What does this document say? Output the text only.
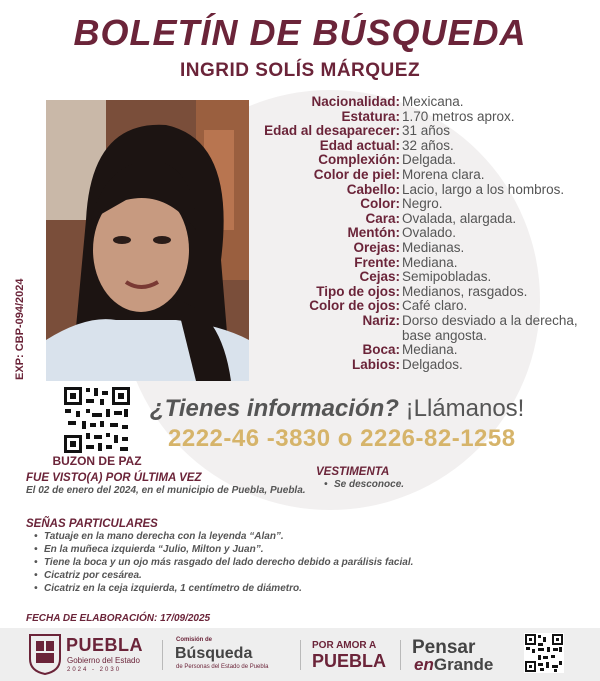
BOLETÍN DE BÚSQUEDA
INGRID SOLÍS MÁRQUEZ
EXP: CBP-094/2024
Nacionalidad: Mexicana.
Estatura: 1.70 metros aprox.
Edad al desaparecer: 31 años
Edad actual: 32 años.
Complexión: Delgada.
Color de piel: Morena clara.
Cabello: Lacio, largo a los hombros.
Color: Negro.
Cara: Ovalada, alargada.
Mentón: Ovalado.
Orejas: Medianas.
Frente: Mediana.
Cejas: Semipobladas.
Tipo de ojos: Medianos, rasgados.
Color de ojos: Café claro.
Nariz: Dorso desviado a la derecha, base angosta.
Boca: Mediana.
Labios: Delgados.
BUZON DE PAZ
¿Tienes información? ¡Llámanos!
2222-46 -3830 o 2226-82-1258
FUE VISTO(A) POR ÚLTIMA VEZ
El 02 de enero del 2024, en el municipio de Puebla, Puebla.
VESTIMENTA
• Se desconoce.
SEÑAS PARTICULARES
• Tatuaje en la mano derecha con la leyenda “Alan”.
• En la muñeca izquierda “Julio, Milton y Juan”.
• Tiene la boca y un ojo más rasgado del lado derecho debido a parálisis facial.
• Cicatriz por cesárea.
• Cicatriz en la ceja izquierda, 1 centímetro de diámetro.
FECHA DE ELABORACIÓN: 17/09/2025
PUEBLA
Gobierno del Estado
2024 - 2030
Comisión de
Búsqueda
de Personas del Estado de Puebla
POR AMOR A
PUEBLA
Pensar
enGrande
